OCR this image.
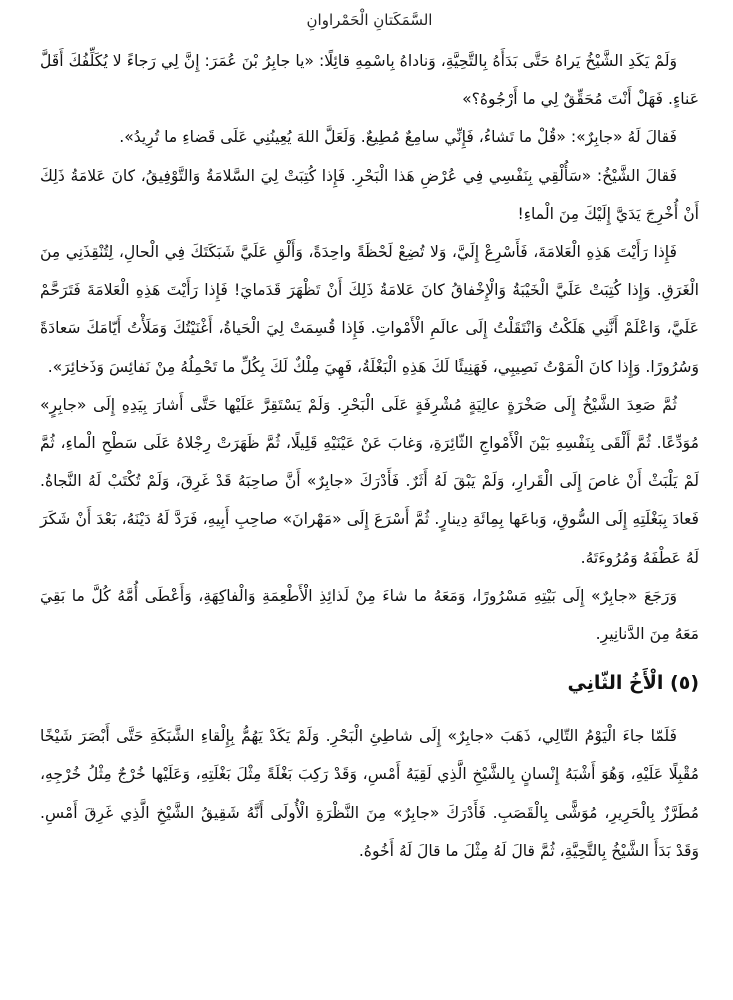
السَّمَكَتانِ الْحَمْراوانِ

وَلَمْ يَكَدِ الشَّيْخُ يَراهُ حَتَّى بَدَأَهُ بِالتَّحِيَّةِ، وَناداهُ بِاسْمِهِ قائِلًا: «يا جابِرُ بْنَ عُمَرَ: إِنَّ لِي رَجاءً لا يُكَلِّفُكَ أَقَلَّ عَناءٍ. فَهَلْ أَنْتَ مُحَقِّقٌ لِي ما أَرْجُوهُ؟»

فَقالَ لَهُ «جابِرٌ»: «قُلْ ما تَشاءُ، فَإِنِّي سامِعٌ مُطِيعٌ. وَلَعَلَّ اللهَ يُعِينُنِي عَلَى قَضاءِ ما تُرِيدُ».

فَقالَ الشَّيْخُ: «سَأُلْقِي بِنَفْسِي فِي عُرْضِ هَذا الْبَحْرِ. فَإِذا كُتِبَتْ لِيَ السَّلامَةُ وَالتَّوْفِيقُ، كانَ عَلامَةُ ذَلِكَ أَنْ أُخْرِجَ يَدَيَّ إِلَيْكَ مِنَ الْماءِ!

فَإِذا رَأَيْتَ هَذِهِ الْعَلامَةَ، فَأَسْرِعْ إِلَيَّ، وَلا تُضِعْ لَحْظَةً واحِدَةً، وَأَلْقِ عَلَيَّ شَبَكَتَكَ فِي الْحالِ، لِتُنْقِذَنِي مِنَ الْغَرَقِ. وَإِذا كُتِبَتْ عَلَيَّ الْخَيْبَةُ وَالْإِخْفاقُ كانَ عَلامَةُ ذَلِكَ أَنْ تَظْهَرَ قَدَمايَ! فَإِذا رَأَيْتَ هَذِهِ الْعَلامَةَ فَتَرَحَّمْ عَلَيَّ، وَاعْلَمْ أَنَّنِي هَلَكْتُ وَانْتَقَلْتُ إِلَى عالَمِ الْأَمْواتِ. فَإِذا قُسِمَتْ لِيَ الْحَياةُ، أَغْنَيْتُكَ وَمَلَأْتُ أَيّامَكَ سَعادَةً وَسُرُورًا. وَإِذا كانَ الْمَوْتُ نَصِيبِي، فَهَنِيئًا لَكَ هَذِهِ الْبَغْلَةُ، فَهِيَ مِلْكٌ لَكَ بِكُلِّ ما تَحْمِلُهُ مِنْ نَفائِسَ وَذَخائِرَ».

ثُمَّ صَعِدَ الشَّيْخُ إِلَى صَخْرَةٍ عالِيَةٍ مُشْرِفَةٍ عَلَى الْبَحْرِ. وَلَمْ يَسْتَقِرَّ عَلَيْها حَتَّى أَشارَ بِيَدِهِ إِلَى «جابِرٍ» مُوَدِّعًا. ثُمَّ أَلْقَى بِنَفْسِهِ بَيْنَ الْأَمْواجِ الثّائِرَةِ، وَغابَ عَنْ عَيْنَيْهِ قَلِيلًا، ثُمَّ ظَهَرَتْ رِجْلاهُ عَلَى سَطْحِ الْماءِ، ثُمَّ لَمْ يَلْبَثْ أَنْ غاصَ إِلَى الْقَرارِ، وَلَمْ يَبْقَ لَهُ أَثَرٌ. فَأَدْرَكَ «جابِرٌ» أَنَّ صاحِبَهُ قَدْ غَرِقَ، وَلَمْ تُكْتَبْ لَهُ النَّجاةُ. فَعادَ بِبَغْلَتِهِ إِلَى السُّوقِ، وَباعَها بِمِائَةِ دِينارٍ. ثُمَّ أَسْرَعَ إِلَى «مَهْرانَ» صاحِبِ أَبِيهِ، فَرَدَّ لَهُ دَيْنَهُ، بَعْدَ أَنْ شَكَرَ لَهُ عَطْفَهُ وَمُرُوءَتَهُ.

وَرَجَعَ «جابِرٌ» إِلَى بَيْتِهِ مَسْرُورًا، وَمَعَهُ ما شاءَ مِنْ لَذائِذِ الْأَطْعِمَةِ وَالْفاكِهَةِ، وَأَعْطَى أُمَّهُ كُلَّ ما بَقِيَ مَعَهُ مِنَ الدَّنانِيرِ.

(٥) الْأَخُ الثّانِي

فَلَمّا جاءَ الْيَوْمُ التّالِي، ذَهَبَ «جابِرٌ» إِلَى شاطِئِ الْبَحْرِ. وَلَمْ يَكَدْ يَهُمُّ بِإِلْقاءِ الشَّبَكَةِ حَتَّى أَبْصَرَ شَيْخًا مُقْبِلًا عَلَيْهِ، وَهُوَ أَشْبَهُ إِنْسانٍ بِالشَّيْخِ الَّذِي لَقِيَهُ أَمْسِ، وَقَدْ رَكِبَ بَغْلَةً مِثْلَ بَغْلَتِهِ، وَعَلَيْها خُرْجٌ مِثْلُ خُرْجِهِ، مُطَرَّزٌ بِالْحَرِيرِ، مُوَشًّى بِالْقَصَبِ. فَأَدْرَكَ «جابِرٌ» مِنَ النَّظْرَةِ الْأُولَى أَنَّهُ شَقِيقُ الشَّيْخِ الَّذِي غَرِقَ أَمْسِ. وَقَدْ بَدَأَ الشَّيْخُ بِالتَّحِيَّةِ، ثُمَّ قالَ لَهُ مِثْلَ ما قالَ لَهُ أَخُوهُ.
